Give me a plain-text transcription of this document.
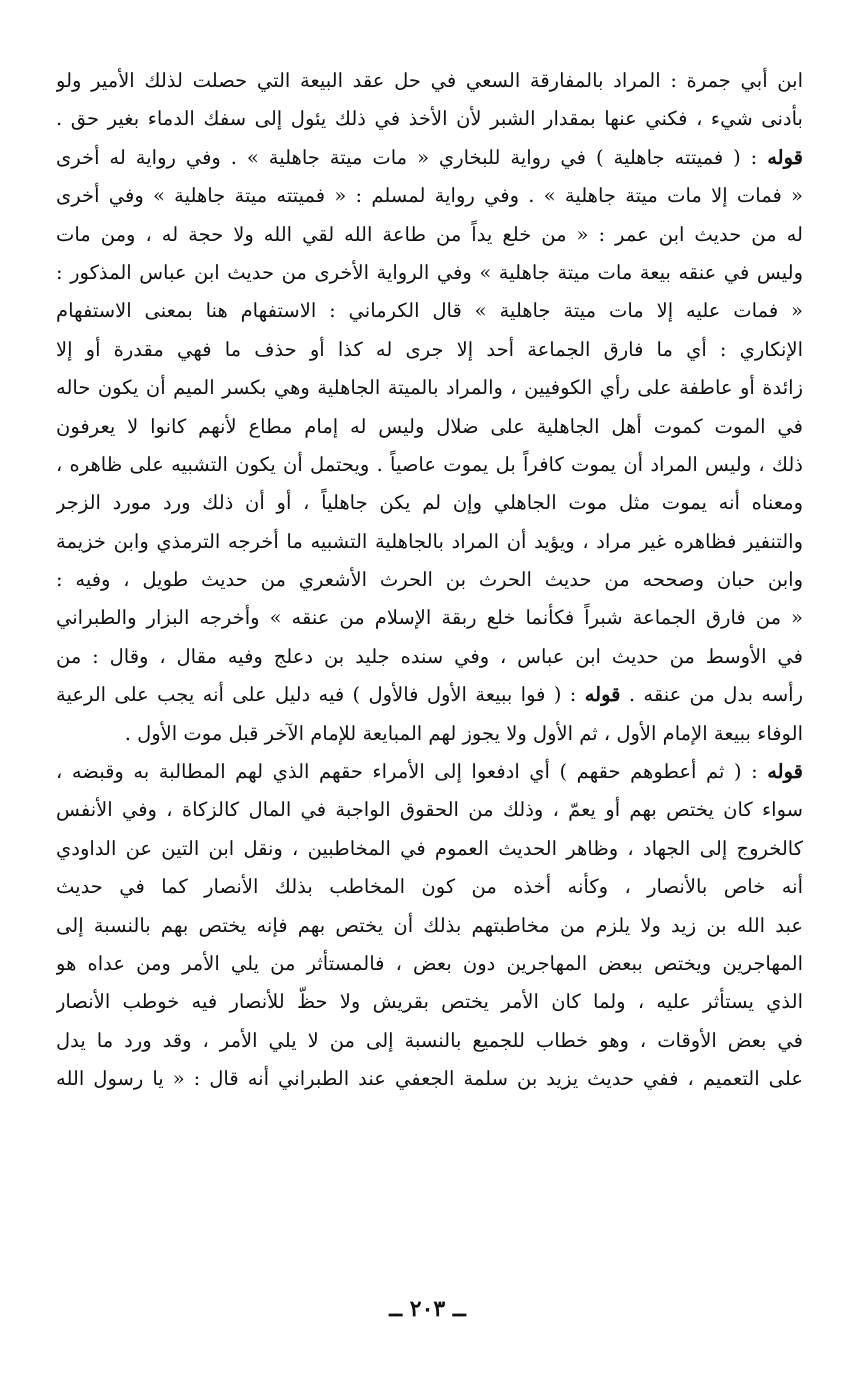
ابن أبي جمرة : المراد بالمفارقة السعي في حل عقد البيعة التي حصلت لذلك الأمير ولو
بأدنى شيء ، فكني عنها بمقدار الشبر لأن الأخذ في ذلك يئول إلى سفك الدماء بغير حق .
قوله : ( فميتته جاهلية ) في رواية للبخاري « مات ميتة جاهلية » . وفي رواية له أخرى
« فمات إلا مات ميتة جاهلية » . وفي رواية لمسلم : « فميتته ميتة جاهلية » وفي أخرى
له من حديث ابن عمر : « من خلع يداً من طاعة الله لقي الله ولا حجة له ، ومن مات
وليس في عنقه بيعة مات ميتة جاهلية » وفي الرواية الأخرى من حديث ابن عباس المذكور :
« فمات عليه إلا مات ميتة جاهلية » قال الكرماني : الاستفهام هنا بمعنى الاستفهام
الإنكاري : أي ما فارق الجماعة أحد إلا جرى له كذا أو حذف ما فهي مقدرة أو إلا
زائدة أو عاطفة على رأي الكوفيين ، والمراد بالميتة الجاهلية وهي بكسر الميم أن يكون حاله
في الموت كموت أهل الجاهلية على ضلال وليس له إمام مطاع لأنهم كانوا لا يعرفون
ذلك ، وليس المراد أن يموت كافراً بل يموت عاصياً . ويحتمل أن يكون التشبيه على ظاهره ،
ومعناه أنه يموت مثل موت الجاهلي وإن لم يكن جاهلياً ، أو أن ذلك ورد مورد الزجر
والتنفير فظاهره غير مراد ، ويؤيد أن المراد بالجاهلية التشبيه ما أخرجه الترمذي وابن خزيمة
وابن حبان وصححه من حديث الحرث بن الحرث الأشعري من حديث طويل ، وفيه :
« من فارق الجماعة شبراً فكأنما خلع ربقة الإسلام من عنقه » وأخرجه البزار والطبراني
في الأوسط من حديث ابن عباس ، وفي سنده جليد بن دعلج وفيه مقال ، وقال : من
رأسه بدل من عنقه . قوله : ( فوا ببيعة الأول فالأول ) فيه دليل على أنه يجب على الرعية
الوفاء ببيعة الإمام الأول ، ثم الأول ولا يجوز لهم المبايعة للإمام الآخر قبل موت الأول .
قوله : ( ثم أعطوهم حقهم ) أي ادفعوا إلى الأمراء حقهم الذي لهم المطالبة به وقبضه ،
سواء كان يختص بهم أو يعمّ ، وذلك من الحقوق الواجبة في المال كالزكاة ، وفي الأنفس
كالخروج إلى الجهاد ، وظاهر الحديث العموم في المخاطبين ، ونقل ابن التين عن الداودي
أنه خاص بالأنصار ، وكأنه أخذه من كون المخاطب بذلك الأنصار كما في حديث
عبد الله بن زيد ولا يلزم من مخاطبتهم بذلك أن يختص بهم فإنه يختص بهم بالنسبة إلى
المهاجرين ويختص ببعض المهاجرين دون بعض ، فالمستأثر من يلي الأمر ومن عداه هو
الذي يستأثر عليه ، ولما كان الأمر يختص بقريش ولا حظّ للأنصار فيه خوطب الأنصار
في بعض الأوقات ، وهو خطاب للجميع بالنسبة إلى من لا يلي الأمر ، وقد ورد ما يدل
على التعميم ، ففي حديث يزيد بن سلمة الجعفي عند الطبراني أنه قال : « يا رسول الله
ــ ٢٠٣ ــ
